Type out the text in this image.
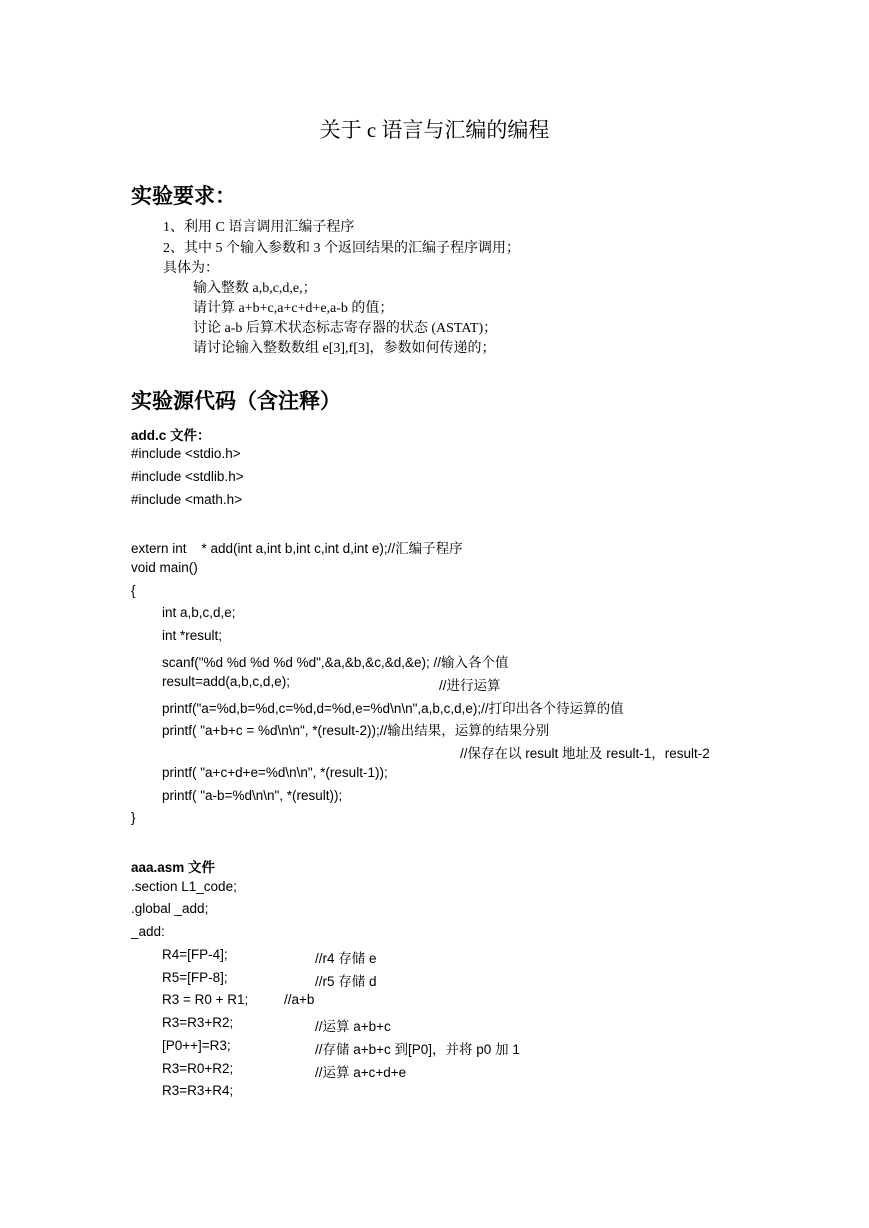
关于 c 语言与汇编的编程
实验要求：
1、利用 C 语言调用汇编子程序
2、其中 5 个输入参数和 3 个返回结果的汇编子程序调用；
具体为：
输入整数 a,b,c,d,e,；
请计算 a+b+c,a+c+d+e,a-b 的值；
讨论 a-b 后算术状态标志寄存器的状态 (ASTAT)；
请讨论输入整数数组 e[3],f[3]，参数如何传递的；
实验源代码（含注释）
add.c 文件：
#include <stdio.h>
#include <stdlib.h>
#include <math.h>
extern int    * add(int a,int b,int c,int d,int e);//汇编子程序
void main()
{
int a,b,c,d,e;
int *result;
scanf("%d %d %d %d %d",&a,&b,&c,&d,&e); //输入各个值
result=add(a,b,c,d,e);	//进行运算
printf("a=%d,b=%d,c=%d,d=%d,e=%d\n\n",a,b,c,d,e);//打印出各个待运算的值
printf( "a+b+c = %d\n\n", *(result-2));//输出结果，运算的结果分别
//保存在以 result 地址及 result-1，result-2
printf( "a+c+d+e=%d\n\n", *(result-1));
printf( "a-b=%d\n\n", *(result));
}
aaa.asm 文件
.section L1_code;
.global _add;
_add:
R4=[FP-4];	//r4 存储 e
R5=[FP-8];	//r5 存储 d
R3 = R0 + R1;	//a+b
R3=R3+R2;	//运算 a+b+c
[P0++]=R3;	//存储 a+b+c 到[P0]，并将 p0 加 1
R3=R0+R2;	//运算 a+c+d+e
R3=R3+R4;
